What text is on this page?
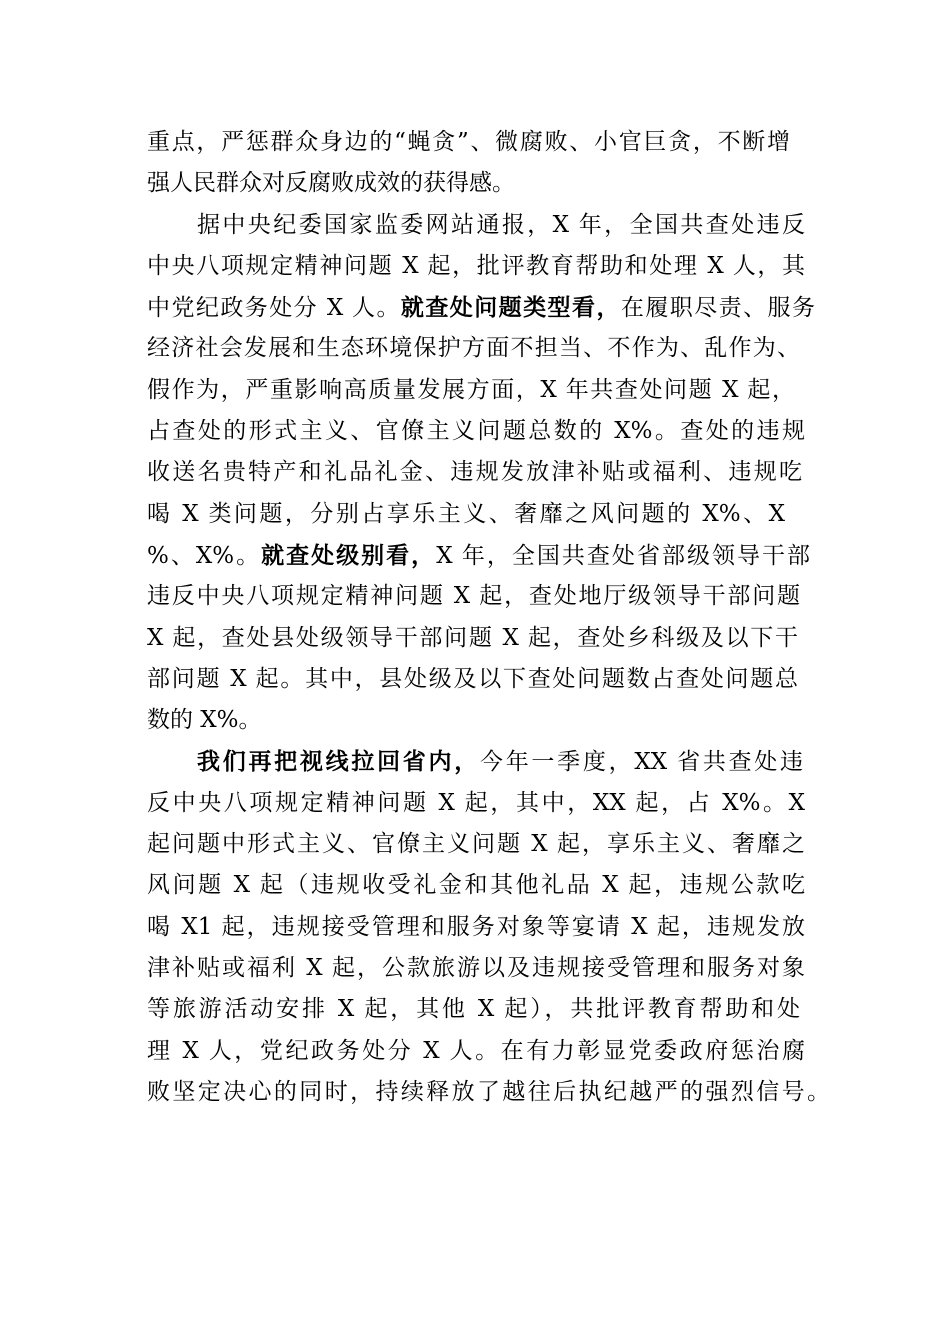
重点，严惩群众身边的“蝇贪”、微腐败、小官巨贪，不断增
强人民群众对反腐败成效的获得感。
据中央纪委国家监委网站通报，X 年，全国共查处违反
中央八项规定精神问题 X 起，批评教育帮助和处理 X 人，其
中党纪政务处分 X 人。就查处问题类型看，在履职尽责、服务
经济社会发展和生态环境保护方面不担当、不作为、乱作为、
假作为，严重影响高质量发展方面，X 年共查处问题 X 起，
占查处的形式主义、官僚主义问题总数的 X%。查处的违规
收送名贵特产和礼品礼金、违规发放津补贴或福利、违规吃
喝 X 类问题，分别占享乐主义、奢靡之风问题的 X%、X
%、X%。就查处级别看，X 年，全国共查处省部级领导干部
违反中央八项规定精神问题 X 起，查处地厅级领导干部问题
X 起，查处县处级领导干部问题 X 起，查处乡科级及以下干
部问题 X 起。其中，县处级及以下查处问题数占查处问题总
数的 X%。
我们再把视线拉回省内，今年一季度，XX 省共查处违
反中央八项规定精神问题 X 起，其中，XX 起，占 X%。X
起问题中形式主义、官僚主义问题 X 起，享乐主义、奢靡之
风问题 X 起（违规收受礼金和其他礼品 X 起，违规公款吃
喝 X1 起，违规接受管理和服务对象等宴请 X 起，违规发放
津补贴或福利 X 起，公款旅游以及违规接受管理和服务对象
等旅游活动安排 X 起，其他 X 起），共批评教育帮助和处
理 X 人，党纪政务处分 X 人。在有力彰显党委政府惩治腐
败坚定决心的同时，持续释放了越往后执纪越严的强烈信号。
